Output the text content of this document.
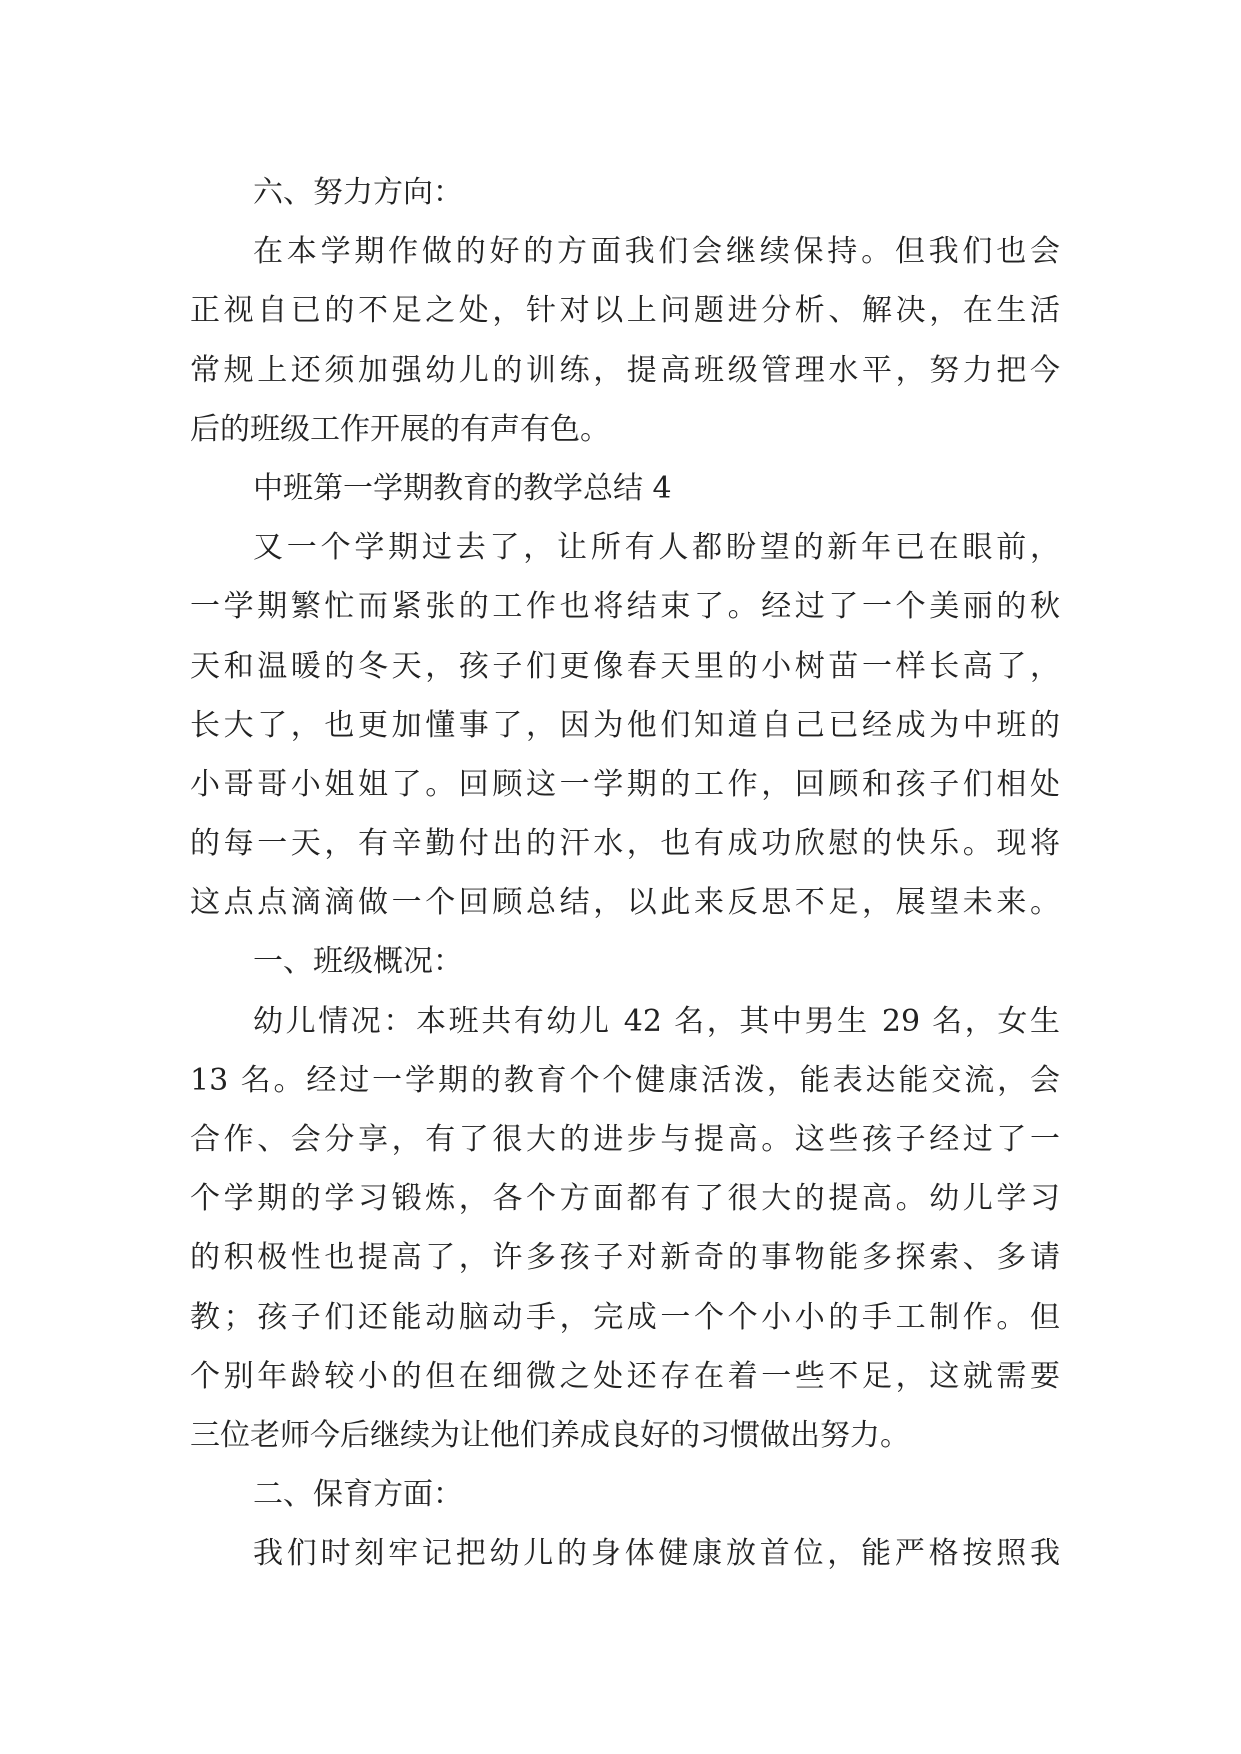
六、努力方向：
在本学期作做的好的方面我们会继续保持。但我们也会
正视自已的不足之处，针对以上问题进分析、解决，在生活
常规上还须加强幼儿的训练，提高班级管理水平，努力把今
后的班级工作开展的有声有色。
中班第一学期教育的教学总结 4
又一个学期过去了，让所有人都盼望的新年已在眼前，
一学期繁忙而紧张的工作也将结束了。经过了一个美丽的秋
天和温暖的冬天，孩子们更像春天里的小树苗一样长高了，
长大了，也更加懂事了，因为他们知道自己已经成为中班的
小哥哥小姐姐了。回顾这一学期的工作，回顾和孩子们相处
的每一天，有辛勤付出的汗水，也有成功欣慰的快乐。现将
这点点滴滴做一个回顾总结，以此来反思不足，展望未来。
一、班级概况：
幼儿情况：本班共有幼儿 42 名，其中男生 29 名，女生
13 名。经过一学期的教育个个健康活泼，能表达能交流，会
合作、会分享，有了很大的进步与提高。这些孩子经过了一
个学期的学习锻炼，各个方面都有了很大的提高。幼儿学习
的积极性也提高了，许多孩子对新奇的事物能多探索、多请
教；孩子们还能动脑动手，完成一个个小小的手工制作。但
个别年龄较小的但在细微之处还存在着一些不足，这就需要
三位老师今后继续为让他们养成良好的习惯做出努力。
二、保育方面：
我们时刻牢记把幼儿的身体健康放首位，能严格按照我
